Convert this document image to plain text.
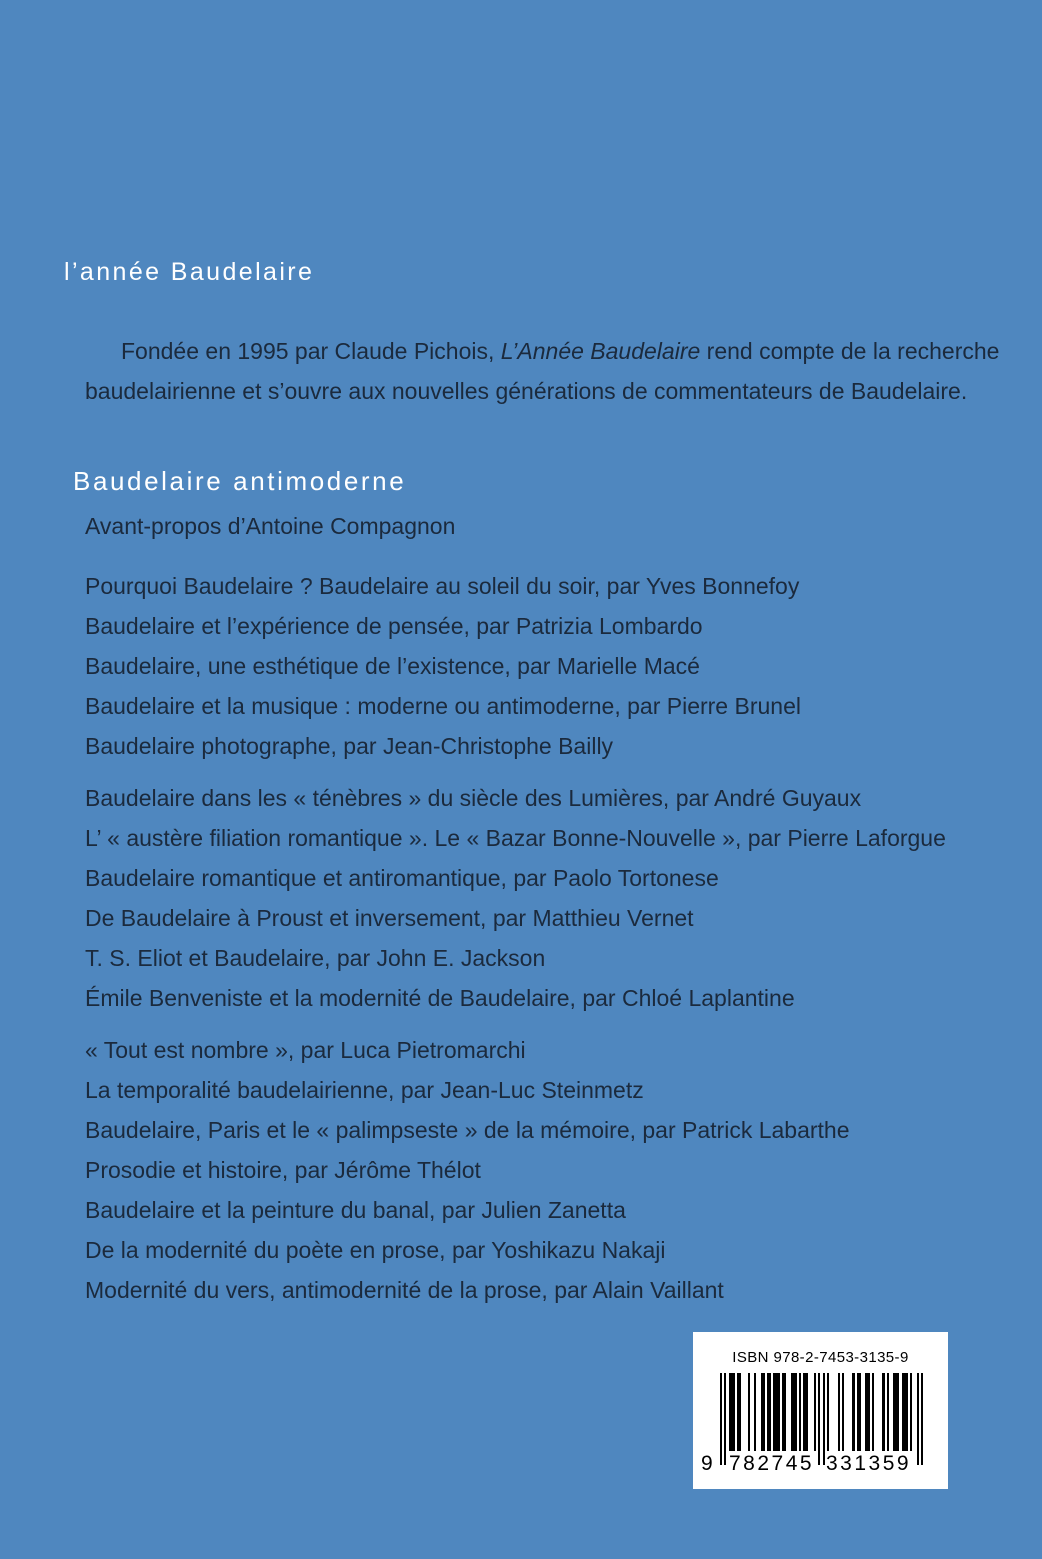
l’année Baudelaire

Fondée en 1995 par Claude Pichois, L’Année Baudelaire rend compte de la recherche baudelairienne et s’ouvre aux nouvelles générations de commentateurs de Baudelaire.

Baudelaire antimoderne
Avant-propos d’Antoine Compagnon
Pourquoi Baudelaire ? Baudelaire au soleil du soir, par Yves Bonnefoy
Baudelaire et l’expérience de pensée, par Patrizia Lombardo
Baudelaire, une esthétique de l’existence, par Marielle Macé
Baudelaire et la musique : moderne ou antimoderne, par Pierre Brunel
Baudelaire photographe, par Jean-Christophe Bailly
Baudelaire dans les « ténèbres » du siècle des Lumières, par André Guyaux
L’ « austère filiation romantique ». Le « Bazar Bonne-Nouvelle », par Pierre Laforgue
Baudelaire romantique et antiromantique, par Paolo Tortonese
De Baudelaire à Proust et inversement, par Matthieu Vernet
T. S. Eliot et Baudelaire, par John E. Jackson
Émile Benveniste et la modernité de Baudelaire, par Chloé Laplantine
« Tout est nombre », par Luca Pietromarchi
La temporalité baudelairienne, par Jean-Luc Steinmetz
Baudelaire, Paris et le « palimpseste » de la mémoire, par Patrick Labarthe
Prosodie et histoire, par Jérôme Thélot
Baudelaire et la peinture du banal, par Julien Zanetta
De la modernité du poète en prose, par Yoshikazu Nakaji
Modernité du vers, antimodernité de la prose, par Alain Vaillant
ISBN 978-2-7453-3135-9
9 782745 331359
